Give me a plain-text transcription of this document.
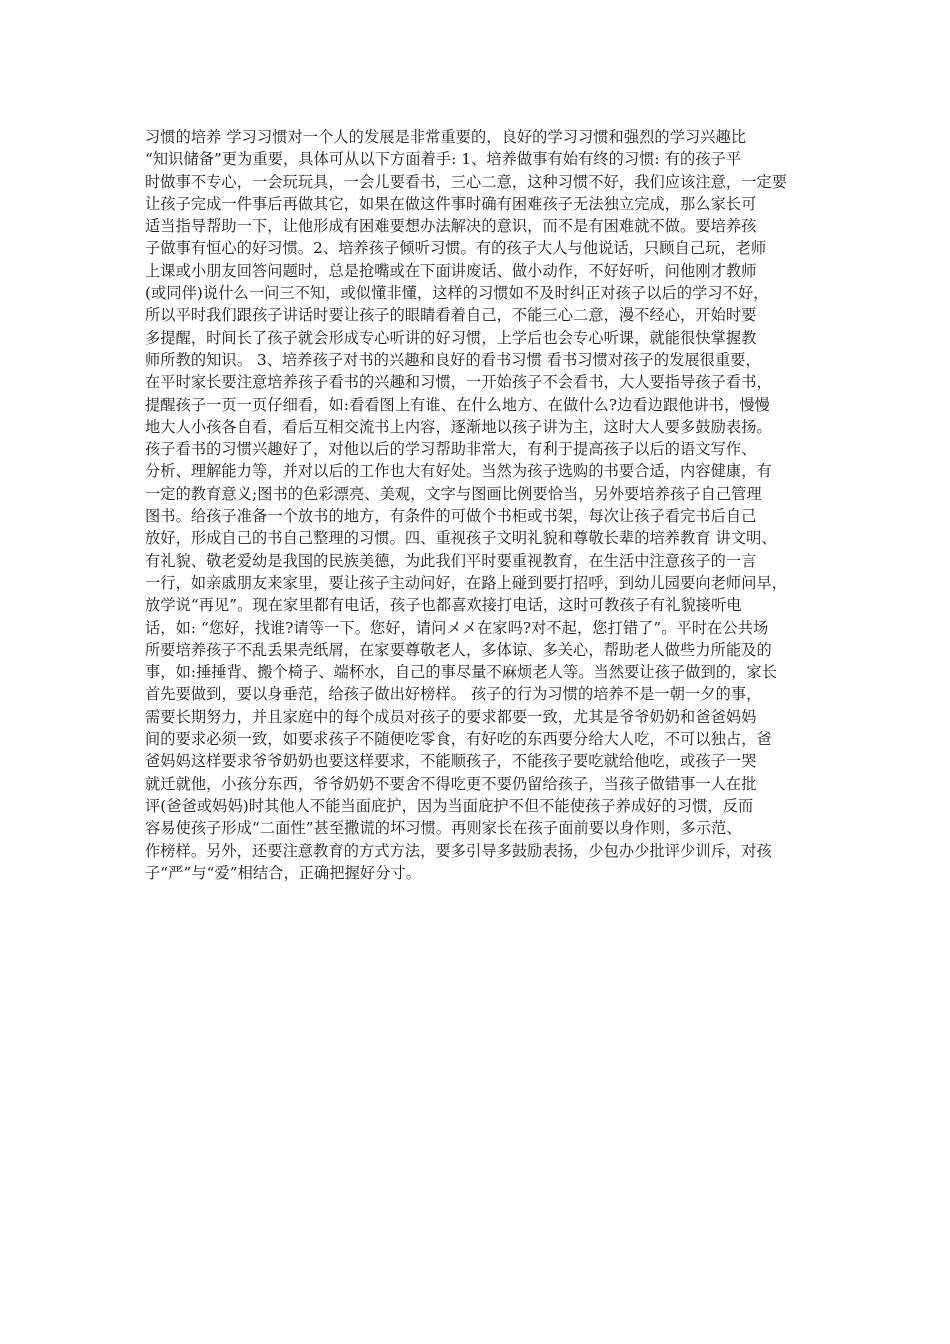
习惯的培养 学习习惯对一个人的发展是非常重要的，良好的学习习惯和强烈的学习兴趣比
“知识储备”更为重要，具体可从以下方面着手: 1、培养做事有始有终的习惯: 有的孩子平
时做事不专心，一会玩玩具，一会儿要看书，三心二意，这种习惯不好，我们应该注意，一定要
让孩子完成一件事后再做其它，如果在做这件事时确有困难孩子无法独立完成，那么家长可
适当指导帮助一下，让他形成有困难要想办法解决的意识，而不是有困难就不做。要培养孩
子做事有恒心的好习惯。2、培养孩子倾听习惯。有的孩子大人与他说话，只顾自己玩，老师
上课或小朋友回答问题时，总是抢嘴或在下面讲废话、做小动作，不好好听，问他刚才教师
(或同伴)说什么一问三不知，或似懂非懂，这样的习惯如不及时纠正对孩子以后的学习不好，
所以平时我们跟孩子讲话时要让孩子的眼睛看着自己，不能三心二意，漫不经心，开始时要
多提醒，时间长了孩子就会形成专心听讲的好习惯，上学后也会专心听课，就能很快掌握教
师所教的知识。 3、培养孩子对书的兴趣和良好的看书习惯 看书习惯对孩子的发展很重要，
在平时家长要注意培养孩子看书的兴趣和习惯，一开始孩子不会看书，大人要指导孩子看书，
提醒孩子一页一页仔细看，如:看看图上有谁、在什么地方、在做什么?边看边跟他讲书，慢慢
地大人小孩各自看，看后互相交流书上内容，逐渐地以孩子讲为主，这时大人要多鼓励表扬。
孩子看书的习惯兴趣好了，对他以后的学习帮助非常大，有利于提高孩子以后的语文写作、
分析、理解能力等，并对以后的工作也大有好处。当然为孩子选购的书要合适，内容健康，有
一定的教育意义;图书的色彩漂亮、美观，文字与图画比例要恰当，另外要培养孩子自己管理
图书。给孩子准备一个放书的地方，有条件的可做个书柜或书架，每次让孩子看完书后自己
放好，形成自己的书自己整理的习惯。四、重视孩子文明礼貌和尊敬长辈的培养教育 讲文明、
有礼貌、敬老爱幼是我国的民族美德，为此我们平时要重视教育，在生活中注意孩子的一言
一行，如亲戚朋友来家里，要让孩子主动问好，在路上碰到要打招呼，到幼儿园要向老师问早，
放学说“再见”。现在家里都有电话，孩子也都喜欢接打电话，这时可教孩子有礼貌接听电
话，如: “您好，找谁?请等一下。您好，请问メメ在家吗?对不起，您打错了”。平时在公共场
所要培养孩子不乱丢果壳纸屑，在家要尊敬老人，多体谅、多关心，帮助老人做些力所能及的
事，如:捶捶背、搬个椅子、端杯水，自己的事尽量不麻烦老人等。当然要让孩子做到的，家长
首先要做到，要以身垂范，给孩子做出好榜样。 孩子的行为习惯的培养不是一朝一夕的事，
需要长期努力，并且家庭中的每个成员对孩子的要求都要一致，尤其是爷爷奶奶和爸爸妈妈
间的要求必须一致，如要求孩子不随便吃零食，有好吃的东西要分给大人吃，不可以独占，爸
爸妈妈这样要求爷爷奶奶也要这样要求，不能顺孩子，不能孩子要吃就给他吃，或孩子一哭
就迁就他，小孩分东西，爷爷奶奶不要舍不得吃更不要仍留给孩子，当孩子做错事一人在批
评(爸爸或妈妈)时其他人不能当面庇护，因为当面庇护不但不能使孩子养成好的习惯，反而
容易使孩子形成“二面性”甚至撒谎的坏习惯。再则家长在孩子面前要以身作则，多示范、
作榜样。另外，还要注意教育的方式方法，要多引导多鼓励表扬，少包办少批评少训斥，对孩
子“严”与“爱”相结合，正确把握好分寸。
